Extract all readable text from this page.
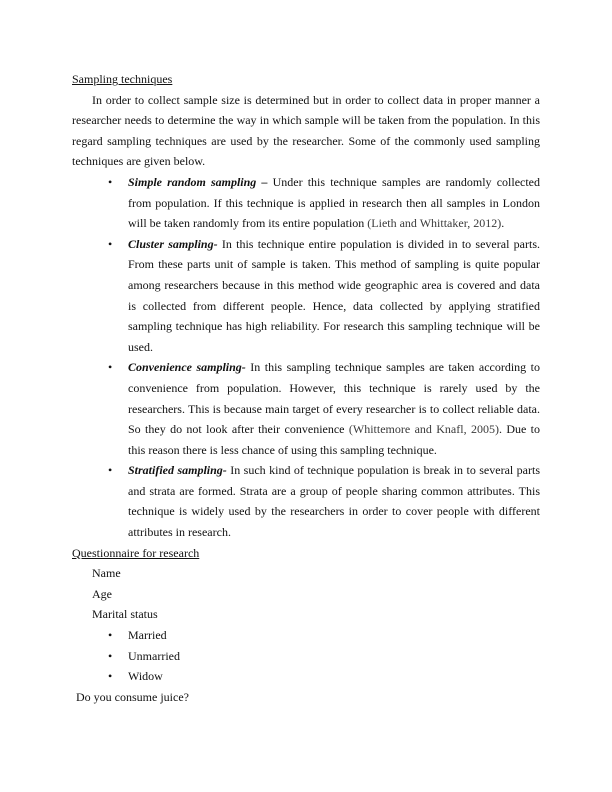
Sampling techniques

In order to collect sample size is determined but in order to collect data in proper manner a researcher needs to determine the way in which sample will be taken from the population. In this regard sampling techniques are used by the researcher. Some of the commonly used sampling techniques are given below.

• Simple random sampling – Under this technique samples are randomly collected from population. If this technique is applied in research then all samples in London will be taken randomly from its entire population (Lieth and Whittaker, 2012).
• Cluster sampling- In this technique entire population is divided in to several parts. From these parts unit of sample is taken. This method of sampling is quite popular among researchers because in this method wide geographic area is covered and data is collected from different people. Hence, data collected by applying stratified sampling technique has high reliability. For research this sampling technique will be used.
• Convenience sampling- In this sampling technique samples are taken according to convenience from population. However, this technique is rarely used by the researchers. This is because main target of every researcher is to collect reliable data. So they do not look after their convenience (Whittemore and Knafl, 2005). Due to this reason there is less chance of using this sampling technique.
• Stratified sampling- In such kind of technique population is break in to several parts and strata are formed. Strata are a group of people sharing common attributes. This technique is widely used by the researchers in order to cover people with different attributes in research.

Questionnaire for research

Name

Age

Marital status

• Married
• Unmarried
• Widow

Do you consume juice?
